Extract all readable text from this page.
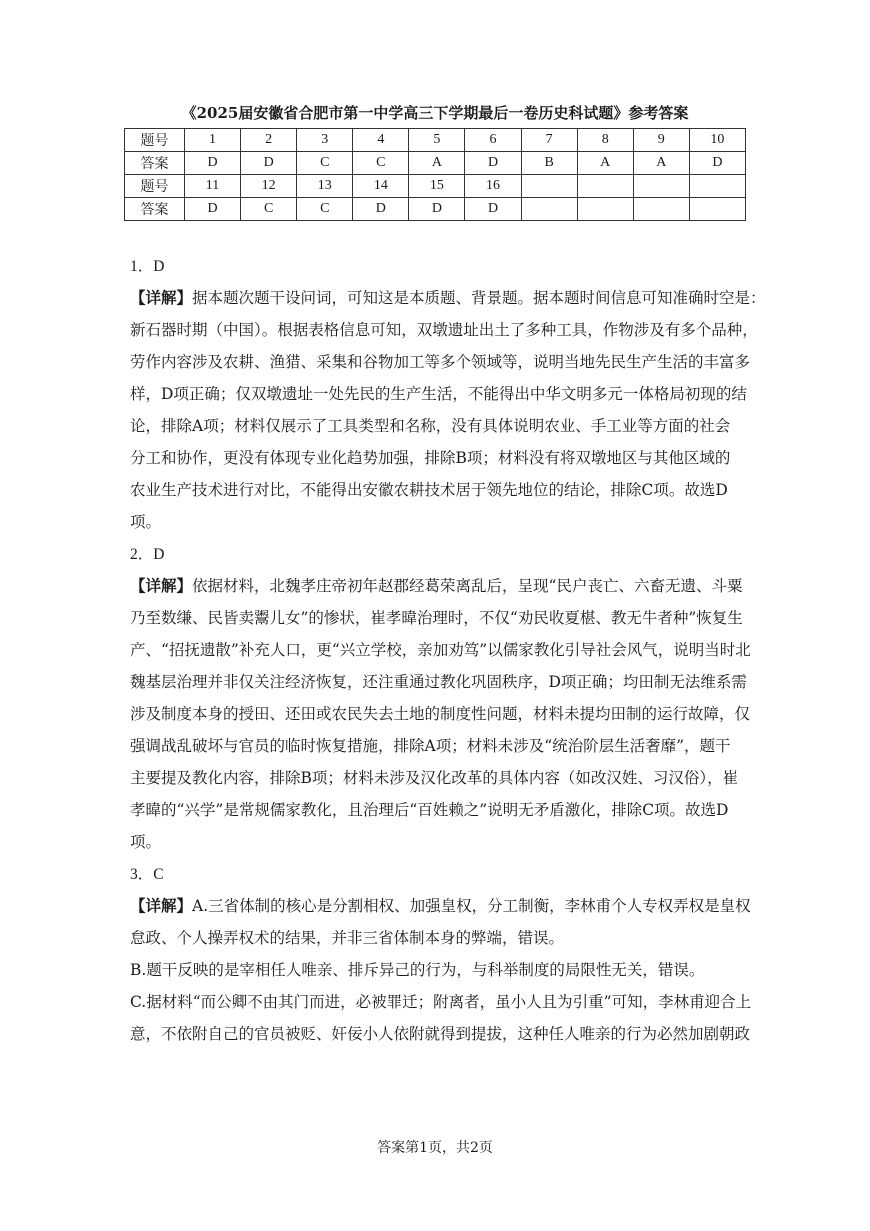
《2025届安徽省合肥市第一中学高三下学期最后一卷历史科试题》参考答案
题号	1	2	3	4	5	6	7	8	9	10
答案	D	D	C	C	A	D	B	A	A	D
题号	11	12	13	14	15	16				
答案	D	C	C	D	D	D				
1．D
【详解】据本题次题干设问词，可知这是本质题、背景题。据本题时间信息可知准确时空是：
新石器时期（中国）。根据表格信息可知，双墩遗址出土了多种工具，作物涉及有多个品种，
劳作内容涉及农耕、渔猎、采集和谷物加工等多个领域等，说明当地先民生产生活的丰富多
样，D项正确；仅双墩遗址一处先民的生产生活，不能得出中华文明多元一体格局初现的结
论，排除A项；材料仅展示了工具类型和名称，没有具体说明农业、手工业等方面的社会
分工和协作，更没有体现专业化趋势加强，排除B项；材料没有将双墩地区与其他区域的
农业生产技术进行对比，不能得出安徽农耕技术居于领先地位的结论，排除C项。故选D
项。
2．D
【详解】依据材料，北魏孝庄帝初年赵郡经葛荣离乱后，呈现“民户丧亡、六畜无遗、斗粟
乃至数缣、民皆卖鬻儿女”的惨状，崔孝暐治理时，不仅“劝民收夏椹、教无牛者种”恢复生
产、“招抚遗散”补充人口，更“兴立学校，亲加劝笃”以儒家教化引导社会风气，说明当时北
魏基层治理并非仅关注经济恢复，还注重通过教化巩固秩序，D项正确；均田制无法维系需
涉及制度本身的授田、还田或农民失去土地的制度性问题，材料未提均田制的运行故障，仅
强调战乱破坏与官员的临时恢复措施，排除A项；材料未涉及“统治阶层生活奢靡”，题干
主要提及教化内容，排除B项；材料未涉及汉化改革的具体内容（如改汉姓、习汉俗），崔
孝暐的“兴学”是常规儒家教化，且治理后“百姓赖之”说明无矛盾激化，排除C项。故选D
项。
3．C
【详解】A.三省体制的核心是分割相权、加强皇权，分工制衡，李林甫个人专权弄权是皇权
怠政、个人操弄权术的结果，并非三省体制本身的弊端，错误。
B.题干反映的是宰相任人唯亲、排斥异己的行为，与科举制度的局限性无关，错误。
C.据材料“而公卿不由其门而进，必被罪迁；附离者，虽小人且为引重”可知，李林甫迎合上
意，不依附自己的官员被贬、奸佞小人依附就得到提拔，这种任人唯亲的行为必然加剧朝政
答案第1页，共2页
